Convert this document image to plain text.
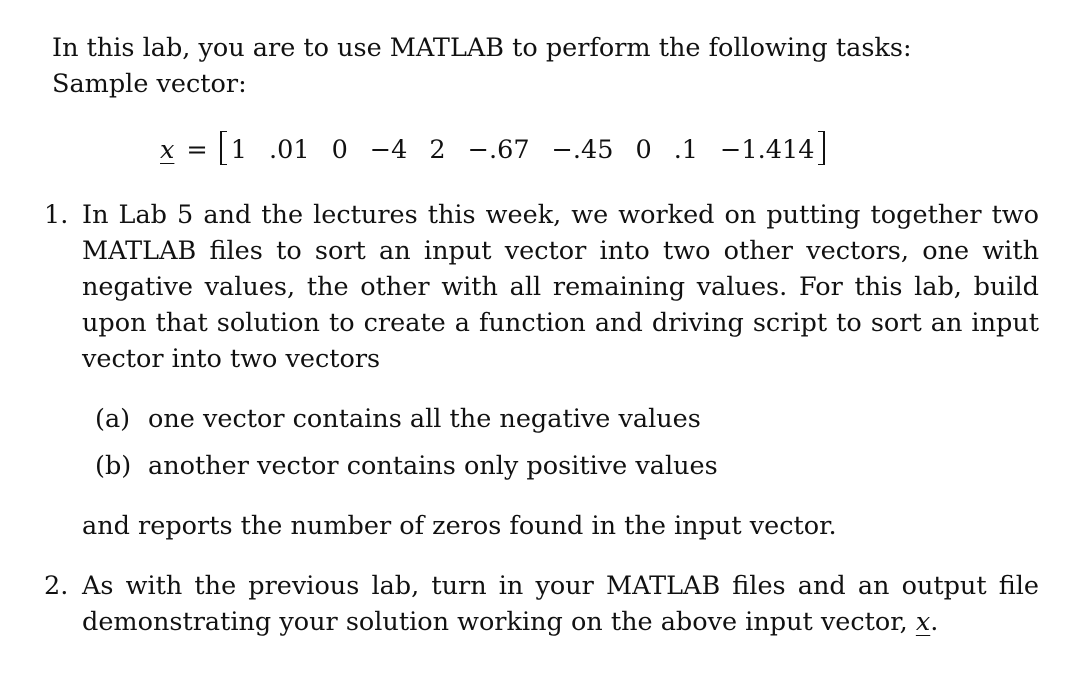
In this lab, you are to use MATLAB to perform the following tasks:
Sample vector:
x = 1 .01 0 −4 2 −.67 −.45 0 .1 −1.414
1. In Lab 5 and the lectures this week, we worked on putting together two
MATLAB files to sort an input vector into two other vectors, one with
negative values, the other with all remaining values. For this lab, build
upon that solution to create a function and driving script to sort an input
vector into two vectors
(a) one vector contains all the negative values
(b) another vector contains only positive values
and reports the number of zeros found in the input vector.
2. As with the previous lab, turn in your MATLAB files and an output file
demonstrating your solution working on the above input vector, x.
